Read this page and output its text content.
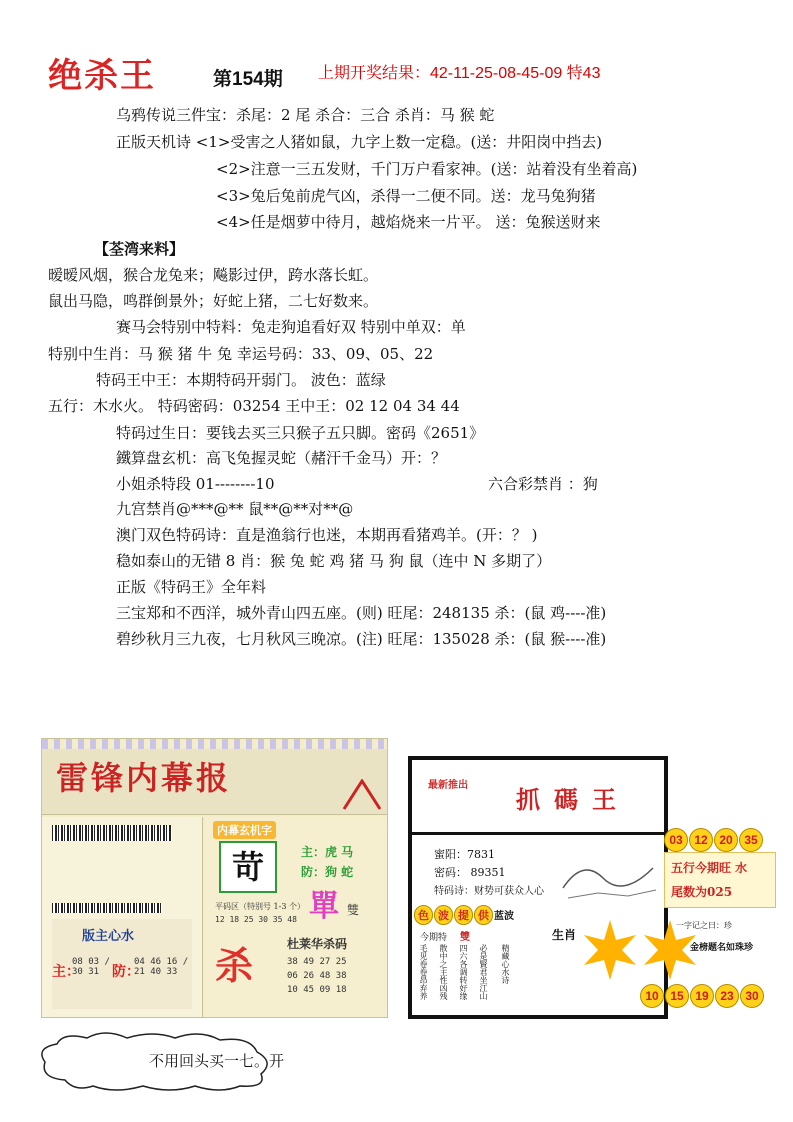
绝杀王	第154期 上期开奖结果：42-11-25-08-45-09 特43
乌鸦传说三件宝：杀尾：2 尾 杀合：三合 杀肖：马 猴 蛇
正版天机诗 <1>受害之人猪如鼠，九字上数一定稳。(送：井阳岗中挡去)
<2>注意一三五发财，千门万户看家神。(送：站着没有坐着高)
<3>兔后兔前虎气凶，杀得一二便不同。送：龙马兔狗猪
<4>任是烟萝中待月，越焰烧来一片平。 送：兔猴送财来
【荃湾来料】
暧暧风烟，猴合龙兔来；飚影过伊，跨水落长虹。
鼠出马隐，鸣群倒景外；好蛇上猪，二七好数来。
赛马会特别中特料：兔走狗追看好双 特别中单双：单
特别中生肖：马 猴 猪 牛 兔 幸运号码：33、09、05、22
特码王中王：本期特码开弱门。 波色：蓝绿
五行：木水火。 特码密码：03254 王中王：02 12 04 34 44
特码过生日：要钱去买三只猴子五只脚。密码《2651》
鐵算盘玄机：高飞兔握灵蛇（赭汗千金马）开：？
小姐杀特段 01--------10	六合彩禁肖 ：狗
九宫禁肖@***@** 鼠**@**对**@
澳门双色特码诗：直是渔翁行也迷，本期再看猪鸡羊。(开：？ )
稳如泰山的无错 8 肖：猴 兔 蛇 鸡 猪 马 狗 鼠（连中 N 多期了）
正版《特码王》全年料
三宝郑和不西洋，城外青山四五座。(则) 旺尾：248135 杀：(鼠 鸡----准)
碧纱秋月三九夜，七月秋风三晚凉。(注) 旺尾：135028 杀：(鼠 猴----准)
雷锋内幕报
版主心水
主：
08 03 / 30 31 防：
04 46 16 / 21 40 33
内幕玄机字
苛	主：虎 马
防：狗 蛇
單 雙
平码区（特别号 1-3 个）
12 18 25 30 35 48
杀	杜莱华杀码
38 49 27 25
06 26 48 38
10 45 09 18
最新推出 抓碼王
蜜阳：7831
密码： 89351
特码诗：财势可获众人心
色 波 提 供 蓝波
今期特 雙	生肖
毛见卷卷昂弃养 散中之主性凶残 四六各调转好缘 必是賢君坐江山 精藏心水诗
03 12 20 35
五行今期旺 水
尾数为025
一字记之曰：珍
金榜题名如珠珍
10 15 19 23 30
不用回头买一七。开
